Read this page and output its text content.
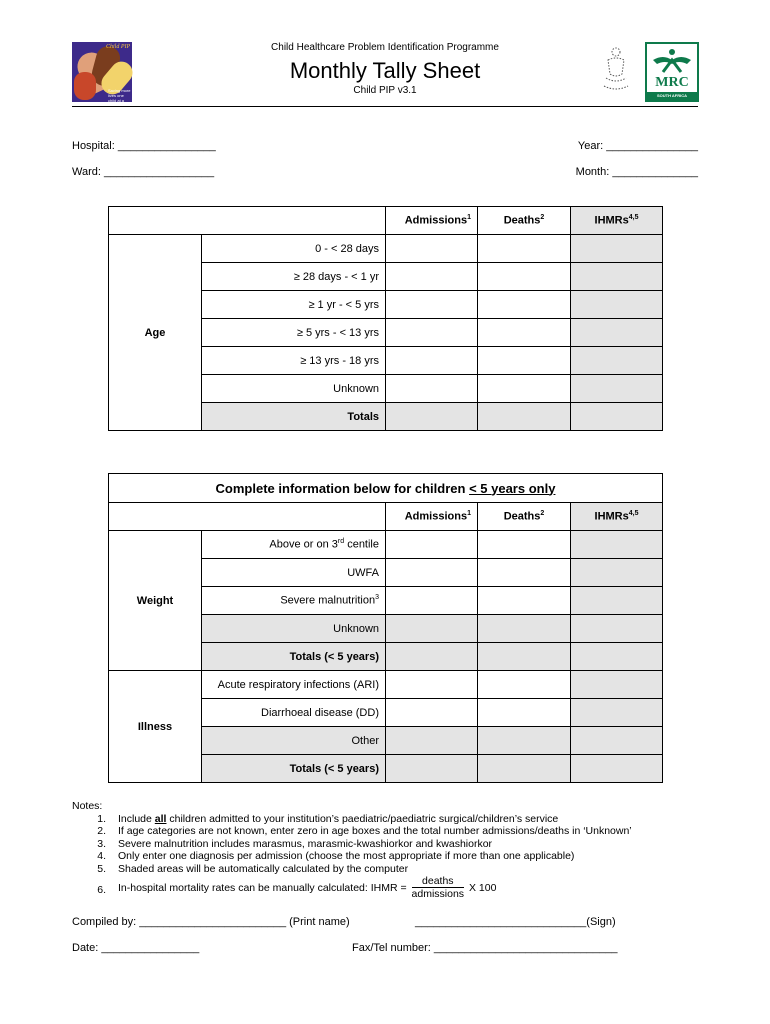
Child PIP
Saving more lives one child at a time
Child Healthcare Problem Identification Programme
Monthly Tally Sheet
Child PIP v3.1
MRC
SOUTH AFRICA
Hospital: ________________	Year: _______________
Ward: __________________	Month: ______________
		Admissions$^1$	Deaths$^2$	IHMRs$^{4,5}$
Age	0 - < 28 days			
	≥ 28 days - < 1 yr			
	≥ 1 yr - < 5 yrs			
	≥ 5 yrs - < 13 yrs			
	≥ 13 yrs - 18 yrs			
	Unknown			
	Totals			
Complete information below for children < 5 years only				
		Admissions$^1$	Deaths$^2$	IHMRs$^{4,5}$
Weight	Above or on 3rd centile			
	UWFA			
	Severe malnutrition$^3$			
	Unknown			
	Totals (< 5 years)			
Illness	Acute respiratory infections (ARI)			
	Diarrhoeal disease (DD)			
	Other			
	Totals (< 5 years)			
Notes:
1. Include all children admitted to your institution’s paediatric/paediatric surgical/children’s service
2. If age categories are not known, enter zero in age boxes and the total number admissions/deaths in ‘Unknown’
3. Severe malnutrition includes marasmus, marasmic-kwashiorkor and kwashiorkor
4. Only enter one diagnosis per admission (choose the most appropriate if more than one applicable)
5. Shaded areas will be automatically calculated by the computer
6. In-hospital mortality rates can be manually calculated: IHMR = $\frac{\text{deaths}}{\text{admissions}}$ X 100
Compiled by: ________________________ (Print name)	____________________________(Sign)
Date: ________________	Fax/Tel number: ______________________________
